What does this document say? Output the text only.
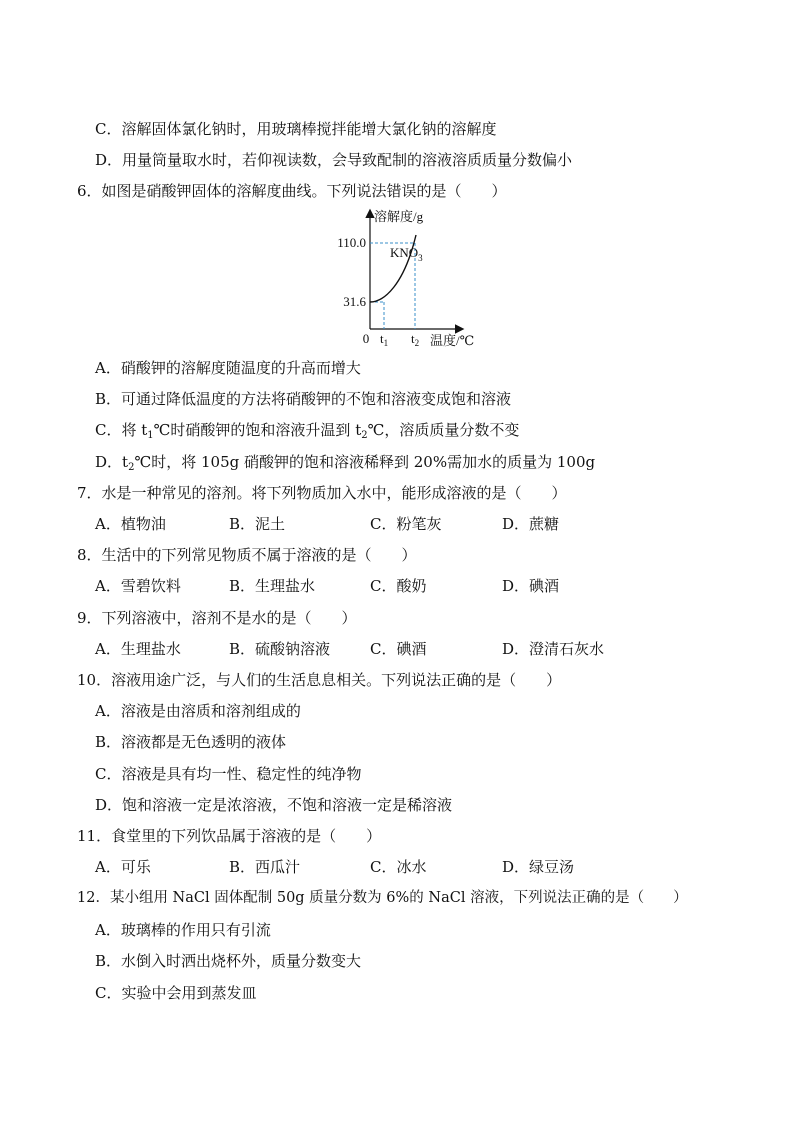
C．溶解固体氯化钠时，用玻璃棒搅拌能增大氯化钠的溶解度
D．用量筒量取水时，若仰视读数，会导致配制的溶液溶质质量分数偏小
6．如图是硝酸钾固体的溶解度曲线。下列说法错误的是（　　）
溶解度/g
110.0
31.6
$KNO_3$
0 $t_1$ $t_2$ 温度/℃
A．硝酸钾的溶解度随温度的升高而增大
B．可通过降低温度的方法将硝酸钾的不饱和溶液变成饱和溶液
C．将 $t_1℃$时硝酸钾的饱和溶液升温到 $t_2℃$，溶质质量分数不变
D．$t_2℃$时，将 105g 硝酸钾的饱和溶液稀释到 20%需加水的质量为 100g
7．水是一种常见的溶剂。将下列物质加入水中，能形成溶液的是（　　）
A．植物油	B．泥土	C．粉笔灰	D．蔗糖
8．生活中的下列常见物质不属于溶液的是（　　）
A．雪碧饮料	B．生理盐水	C．酸奶	D．碘酒
9．下列溶液中，溶剂不是水的是（　　）
A．生理盐水	B．硫酸钠溶液	C．碘酒	D．澄清石灰水
10．溶液用途广泛，与人们的生活息息相关。下列说法正确的是（　　）
A．溶液是由溶质和溶剂组成的
B．溶液都是无色透明的液体
C．溶液是具有均一性、稳定性的纯净物
D．饱和溶液一定是浓溶液，不饱和溶液一定是稀溶液
11．食堂里的下列饮品属于溶液的是（　　）
A．可乐	B．西瓜汁	C．冰水	D．绿豆汤
12．某小组用 NaCl 固体配制 50g 质量分数为 6%的 NaCl 溶液，下列说法正确的是（　　）
A．玻璃棒的作用只有引流
B．水倒入时洒出烧杯外，质量分数变大
C．实验中会用到蒸发皿
